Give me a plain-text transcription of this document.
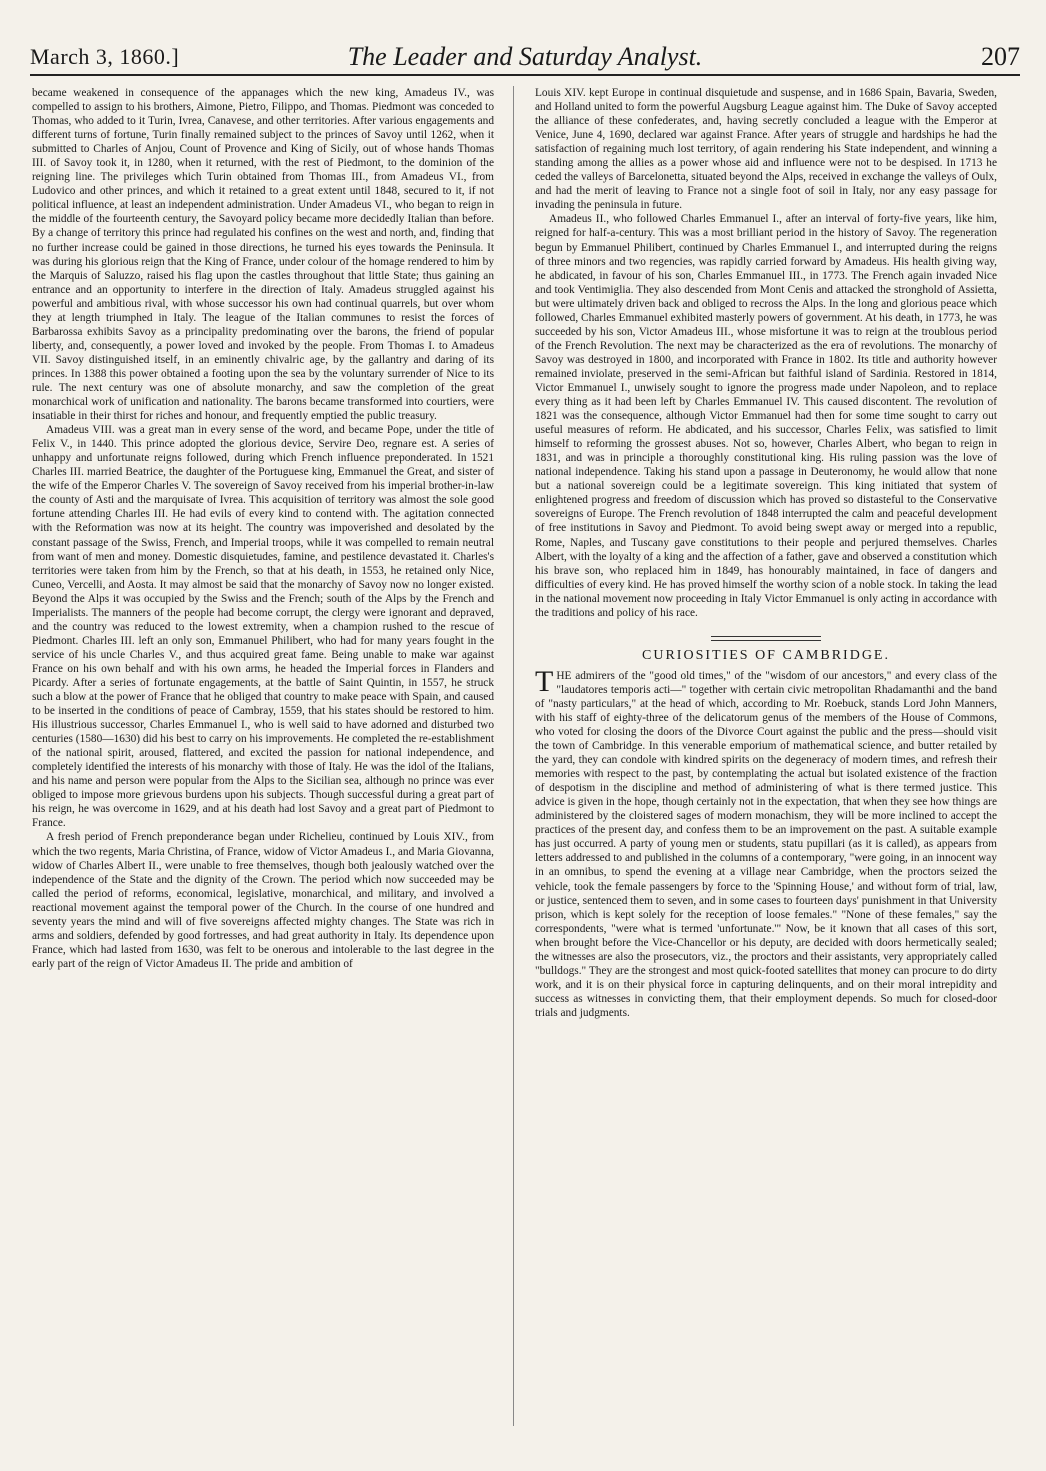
March 3, 1860.]	The Leader and Saturday Analyst.	207

became weakened in consequence of the appanages which the new king, Amadeus IV., was compelled to assign to his brothers, Aimone, Pietro, Filippo, and Thomas. Piedmont was conceded to Thomas, who added to it Turin, Ivrea, Canavese, and other territories. After various engagements and different turns of fortune, Turin finally remained subject to the princes of Savoy until 1262, when it submitted to Charles of Anjou, Count of Provence and King of Sicily, out of whose hands Thomas III. of Savoy took it, in 1280, when it returned, with the rest of Piedmont, to the dominion of the reigning line. The privileges which Turin obtained from Thomas III., from Amadeus VI., from Ludovico and other princes, and which it retained to a great extent until 1848, secured to it, if not political influence, at least an independent administration. Under Amadeus VI., who began to reign in the middle of the fourteenth century, the Savoyard policy became more decidedly Italian than before. By a change of territory this prince had regulated his confines on the west and north, and, finding that no further increase could be gained in those directions, he turned his eyes towards the Peninsula. It was during his glorious reign that the King of France, under colour of the homage rendered to him by the Marquis of Saluzzo, raised his flag upon the castles throughout that little State; thus gaining an entrance and an opportunity to interfere in the direction of Italy. Amadeus struggled against his powerful and ambitious rival, with whose successor his own had continual quarrels, but over whom they at length triumphed in Italy. The league of the Italian communes to resist the forces of Barbarossa exhibits Savoy as a principality predominating over the barons, the friend of popular liberty, and, consequently, a power loved and invoked by the people. From Thomas I. to Amadeus VII. Savoy distinguished itself, in an eminently chivalric age, by the gallantry and daring of its princes. In 1388 this power obtained a footing upon the sea by the voluntary surrender of Nice to its rule. The next century was one of absolute monarchy, and saw the completion of the great monarchical work of unification and nationality. The barons became transformed into courtiers, were insatiable in their thirst for riches and honour, and frequently emptied the public treasury.

Amadeus VIII. was a great man in every sense of the word, and became Pope, under the title of Felix V., in 1440. This prince adopted the glorious device, Servire Deo, regnare est. A series of unhappy and unfortunate reigns followed, during which French influence preponderated. In 1521 Charles III. married Beatrice, the daughter of the Portuguese king, Emmanuel the Great, and sister of the wife of the Emperor Charles V. The sovereign of Savoy received from his imperial brother-in-law the county of Asti and the marquisate of Ivrea. This acquisition of territory was almost the sole good fortune attending Charles III. He had evils of every kind to contend with. The agitation connected with the Reformation was now at its height. The country was impoverished and desolated by the constant passage of the Swiss, French, and Imperial troops, while it was compelled to remain neutral from want of men and money. Domestic disquietudes, famine, and pestilence devastated it. Charles's territories were taken from him by the French, so that at his death, in 1553, he retained only Nice, Cuneo, Vercelli, and Aosta. It may almost be said that the monarchy of Savoy now no longer existed. Beyond the Alps it was occupied by the Swiss and the French; south of the Alps by the French and Imperialists. The manners of the people had become corrupt, the clergy were ignorant and depraved, and the country was reduced to the lowest extremity, when a champion rushed to the rescue of Piedmont. Charles III. left an only son, Emmanuel Philibert, who had for many years fought in the service of his uncle Charles V., and thus acquired great fame. Being unable to make war against France on his own behalf and with his own arms, he headed the Imperial forces in Flanders and Picardy. After a series of fortunate engagements, at the battle of Saint Quintin, in 1557, he struck such a blow at the power of France that he obliged that country to make peace with Spain, and caused to be inserted in the conditions of peace of Cambray, 1559, that his states should be restored to him. His illustrious successor, Charles Emmanuel I., who is well said to have adorned and disturbed two centuries (1580—1630) did his best to carry on his improvements. He completed the re-establishment of the national spirit, aroused, flattered, and excited the passion for national independence, and completely identified the interests of his monarchy with those of Italy. He was the idol of the Italians, and his name and person were popular from the Alps to the Sicilian sea, although no prince was ever obliged to impose more grievous burdens upon his subjects. Though successful during a great part of his reign, he was overcome in 1629, and at his death had lost Savoy and a great part of Piedmont to France.

A fresh period of French preponderance began under Richelieu, continued by Louis XIV., from which the two regents, Maria Christina, of France, widow of Victor Amadeus I., and Maria Giovanna, widow of Charles Albert II., were unable to free themselves, though both jealously watched over the independence of the State and the dignity of the Crown. The period which now succeeded may be called the period of reforms, economical, legislative, monarchical, and military, and involved a reactional movement against the temporal power of the Church. In the course of one hundred and seventy years the mind and will of five sovereigns affected mighty changes. The State was rich in arms and soldiers, defended by good fortresses, and had great authority in Italy. Its dependence upon France, which had lasted from 1630, was felt to be onerous and intolerable to the last degree in the early part of the reign of Victor Amadeus II. The pride and ambition of

Louis XIV. kept Europe in continual disquietude and suspense, and in 1686 Spain, Bavaria, Sweden, and Holland united to form the powerful Augsburg League against him. The Duke of Savoy accepted the alliance of these confederates, and, having secretly concluded a league with the Emperor at Venice, June 4, 1690, declared war against France. After years of struggle and hardships he had the satisfaction of regaining much lost territory, of again rendering his State independent, and winning a standing among the allies as a power whose aid and influence were not to be despised. In 1713 he ceded the valleys of Barcelonetta, situated beyond the Alps, received in exchange the valleys of Oulx, and had the merit of leaving to France not a single foot of soil in Italy, nor any easy passage for invading the peninsula in future.

Amadeus II., who followed Charles Emmanuel I., after an interval of forty-five years, like him, reigned for half-a-century. This was a most brilliant period in the history of Savoy. The regeneration begun by Emmanuel Philibert, continued by Charles Emmanuel I., and interrupted during the reigns of three minors and two regencies, was rapidly carried forward by Amadeus. His health giving way, he abdicated, in favour of his son, Charles Emmanuel III., in 1773. The French again invaded Nice and took Ventimiglia. They also descended from Mont Cenis and attacked the stronghold of Assietta, but were ultimately driven back and obliged to recross the Alps. In the long and glorious peace which followed, Charles Emmanuel exhibited masterly powers of government. At his death, in 1773, he was succeeded by his son, Victor Amadeus III., whose misfortune it was to reign at the troublous period of the French Revolution. The next may be characterized as the era of revolutions. The monarchy of Savoy was destroyed in 1800, and incorporated with France in 1802. Its title and authority however remained inviolate, preserved in the semi-African but faithful island of Sardinia. Restored in 1814, Victor Emmanuel I., unwisely sought to ignore the progress made under Napoleon, and to replace every thing as it had been left by Charles Emmanuel IV. This caused discontent. The revolution of 1821 was the consequence, although Victor Emmanuel had then for some time sought to carry out useful measures of reform. He abdicated, and his successor, Charles Felix, was satisfied to limit himself to reforming the grossest abuses. Not so, however, Charles Albert, who began to reign in 1831, and was in principle a thoroughly constitutional king. His ruling passion was the love of national independence. Taking his stand upon a passage in Deuteronomy, he would allow that none but a national sovereign could be a legitimate sovereign. This king initiated that system of enlightened progress and freedom of discussion which has proved so distasteful to the Conservative sovereigns of Europe. The French revolution of 1848 interrupted the calm and peaceful development of free institutions in Savoy and Piedmont. To avoid being swept away or merged into a republic, Rome, Naples, and Tuscany gave constitutions to their people and perjured themselves. Charles Albert, with the loyalty of a king and the affection of a father, gave and observed a constitution which his brave son, who replaced him in 1849, has honourably maintained, in face of dangers and difficulties of every kind. He has proved himself the worthy scion of a noble stock. In taking the lead in the national movement now proceeding in Italy Victor Emmanuel is only acting in accordance with the traditions and policy of his race.

CURIOSITIES OF CAMBRIDGE.

THE admirers of the "good old times," of the "wisdom of our ancestors," and every class of the "laudatores temporis acti—" together with certain civic metropolitan Rhadamanthi and the band of "nasty particulars," at the head of which, according to Mr. Roebuck, stands Lord John Manners, with his staff of eighty-three of the delicatorum genus of the members of the House of Commons, who voted for closing the doors of the Divorce Court against the public and the press—should visit the town of Cambridge. In this venerable emporium of mathematical science, and butter retailed by the yard, they can condole with kindred spirits on the degeneracy of modern times, and refresh their memories with respect to the past, by contemplating the actual but isolated existence of the fraction of despotism in the discipline and method of administering of what is there termed justice. This advice is given in the hope, though certainly not in the expectation, that when they see how things are administered by the cloistered sages of modern monachism, they will be more inclined to accept the practices of the present day, and confess them to be an improvement on the past. A suitable example has just occurred. A party of young men or students, statu pupillari (as it is called), as appears from letters addressed to and published in the columns of a contemporary, "were going, in an innocent way in an omnibus, to spend the evening at a village near Cambridge, when the proctors seized the vehicle, took the female passengers by force to the 'Spinning House,' and without form of trial, law, or justice, sentenced them to seven, and in some cases to fourteen days' punishment in that University prison, which is kept solely for the reception of loose females." "None of these females," say the correspondents, "were what is termed 'unfortunate.'" Now, be it known that all cases of this sort, when brought before the Vice-Chancellor or his deputy, are decided with doors hermetically sealed; the witnesses are also the prosecutors, viz., the proctors and their assistants, very appropriately called "bulldogs." They are the strongest and most quick-footed satellites that money can procure to do dirty work, and it is on their physical force in capturing delinquents, and on their moral intrepidity and success as witnesses in convicting them, that their employment depends. So much for closed-door trials and judgments.
